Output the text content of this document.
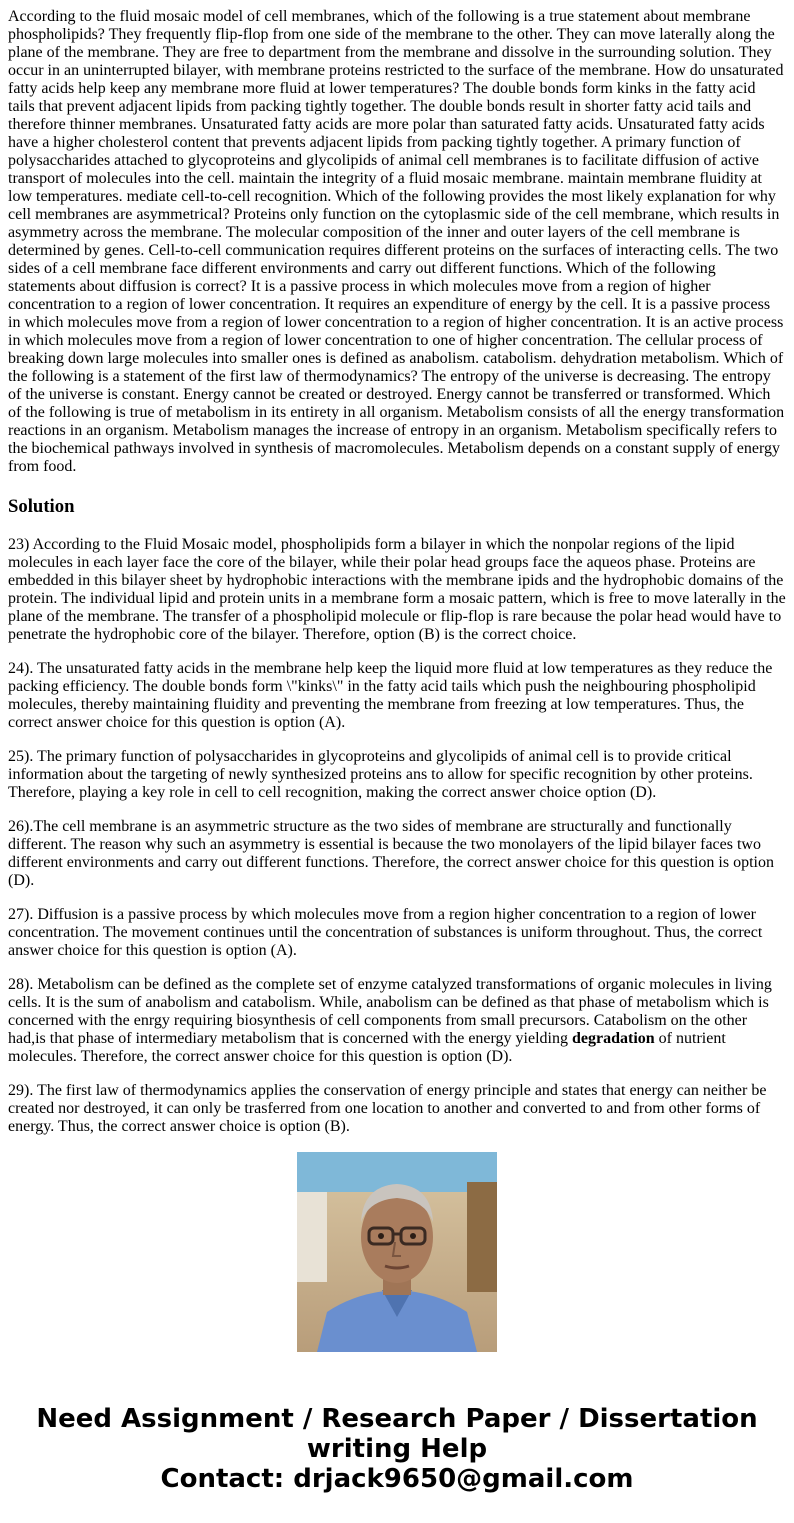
According to the fluid mosaic model of cell membranes, which of the following is a true statement about membrane phospholipids? They frequently flip-flop from one side of the membrane to the other. They can move laterally along the plane of the membrane. They are free to department from the membrane and dissolve in the surrounding solution. They occur in an uninterrupted bilayer, with membrane proteins restricted to the surface of the membrane. How do unsaturated fatty acids help keep any membrane more fluid at lower temperatures? The double bonds form kinks in the fatty acid tails that prevent adjacent lipids from packing tightly together. The double bonds result in shorter fatty acid tails and therefore thinner membranes. Unsaturated fatty acids are more polar than saturated fatty acids. Unsaturated fatty acids have a higher cholesterol content that prevents adjacent lipids from packing tightly together. A primary function of polysaccharides attached to glycoproteins and glycolipids of animal cell membranes is to facilitate diffusion of active transport of molecules into the cell. maintain the integrity of a fluid mosaic membrane. maintain membrane fluidity at low temperatures. mediate cell-to-cell recognition. Which of the following provides the most likely explanation for why cell membranes are asymmetrical? Proteins only function on the cytoplasmic side of the cell membrane, which results in asymmetry across the membrane. The molecular composition of the inner and outer layers of the cell membrane is determined by genes. Cell-to-cell communication requires different proteins on the surfaces of interacting cells. The two sides of a cell membrane face different environments and carry out different functions. Which of the following statements about diffusion is correct? It is a passive process in which molecules move from a region of higher concentration to a region of lower concentration. It requires an expenditure of energy by the cell. It is a passive process in which molecules move from a region of lower concentration to a region of higher concentration. It is an active process in which molecules move from a region of lower concentration to one of higher concentration. The cellular process of breaking down large molecules into smaller ones is defined as anabolism. catabolism. dehydration metabolism. Which of the following is a statement of the first law of thermodynamics? The entropy of the universe is decreasing. The entropy of the universe is constant. Energy cannot be created or destroyed. Energy cannot be transferred or transformed. Which of the following is true of metabolism in its entirety in all organism. Metabolism consists of all the energy transformation reactions in an organism. Metabolism manages the increase of entropy in an organism. Metabolism specifically refers to the biochemical pathways involved in synthesis of macromolecules. Metabolism depends on a constant supply of energy from food.

Solution

23) According to the Fluid Mosaic model, phospholipids form a bilayer in which the nonpolar regions of the lipid molecules in each layer face the core of the bilayer, while their polar head groups face the aqueos phase. Proteins are embedded in this bilayer sheet by hydrophobic interactions with the membrane ipids and the hydrophobic domains of the protein. The individual lipid and protein units in a membrane form a mosaic pattern, which is free to move laterally in the plane of the membrane. The transfer of a phospholipid molecule or flip-flop is rare because the polar head would have to penetrate the hydrophobic core of the bilayer. Therefore, option (B) is the correct choice.

24). The unsaturated fatty acids in the membrane help keep the liquid more fluid at low temperatures as they reduce the packing efficiency. The double bonds form \"kinks\" in the fatty acid tails which push the neighbouring phospholipid molecules, thereby maintaining fluidity and preventing the membrane from freezing at low temperatures. Thus, the correct answer choice for this question is option (A).

25). The primary function of polysaccharides in glycoproteins and glycolipids of animal cell is to provide critical information about the targeting of newly synthesized proteins ans to allow for specific recognition by other proteins. Therefore, playing a key role in cell to cell recognition, making the correct answer choice option (D).

26).The cell membrane is an asymmetric structure as the two sides of membrane are structurally and functionally different. The reason why such an asymmetry is essential is because the two monolayers of the lipid bilayer faces two different environments and carry out different functions. Therefore, the correct answer choice for this question is option (D).

27). Diffusion is a passive process by which molecules move from a region higher concentration to a region of lower concentration. The movement continues until the concentration of substances is uniform throughout. Thus, the correct answer choice for this question is option (A).

28). Metabolism can be defined as the complete set of enzyme catalyzed transformations of organic molecules in living cells. It is the sum of anabolism and catabolism. While, anabolism can be defined as that phase of metabolism which is concerned with the enrgy requiring biosynthesis of cell components from small precursors. Catabolism on the other had,is that phase of intermediary metabolism that is concerned with the energy yielding degradation of nutrient molecules. Therefore, the correct answer choice for this question is option (D).

29). The first law of thermodynamics applies the conservation of energy principle and states that energy can neither be created nor destroyed, it can only be trasferred from one location to another and converted to and from other forms of energy. Thus, the correct answer choice is option (B).

Need Assignment / Research Paper / Dissertation
writing Help
Contact: drjack9650@gmail.com
